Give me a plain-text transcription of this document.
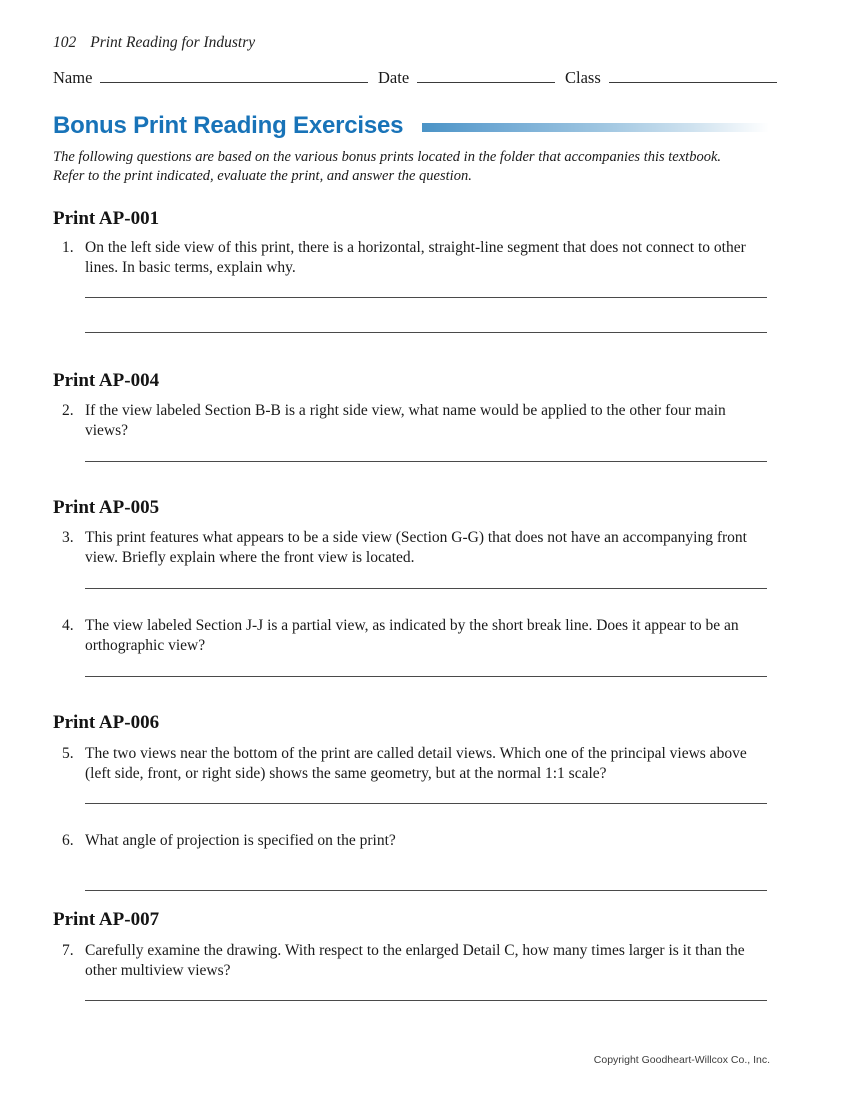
102 Print Reading for Industry
Name	Date	Class
Bonus Print Reading Exercises
The following questions are based on the various bonus prints located in the folder that accompanies this textbook.
Refer to the print indicated, evaluate the print, and answer the question.
Print AP-001
1. On the left side view of this print, there is a horizontal, straight-line segment that does not connect to other lines. In basic terms, explain why.
Print AP-004
2. If the view labeled Section B-B is a right side view, what name would be applied to the other four main views?
Print AP-005
3. This print features what appears to be a side view (Section G-G) that does not have an accompanying front view. Briefly explain where the front view is located.
4. The view labeled Section J-J is a partial view, as indicated by the short break line. Does it appear to be an orthographic view?
Print AP-006
5. The two views near the bottom of the print are called detail views. Which one of the principal views above (left side, front, or right side) shows the same geometry, but at the normal 1:1 scale?
6. What angle of projection is specified on the print?
Print AP-007
7. Carefully examine the drawing. With respect to the enlarged Detail C, how many times larger is it than the other multiview views?
Copyright Goodheart-Willcox Co., Inc.
